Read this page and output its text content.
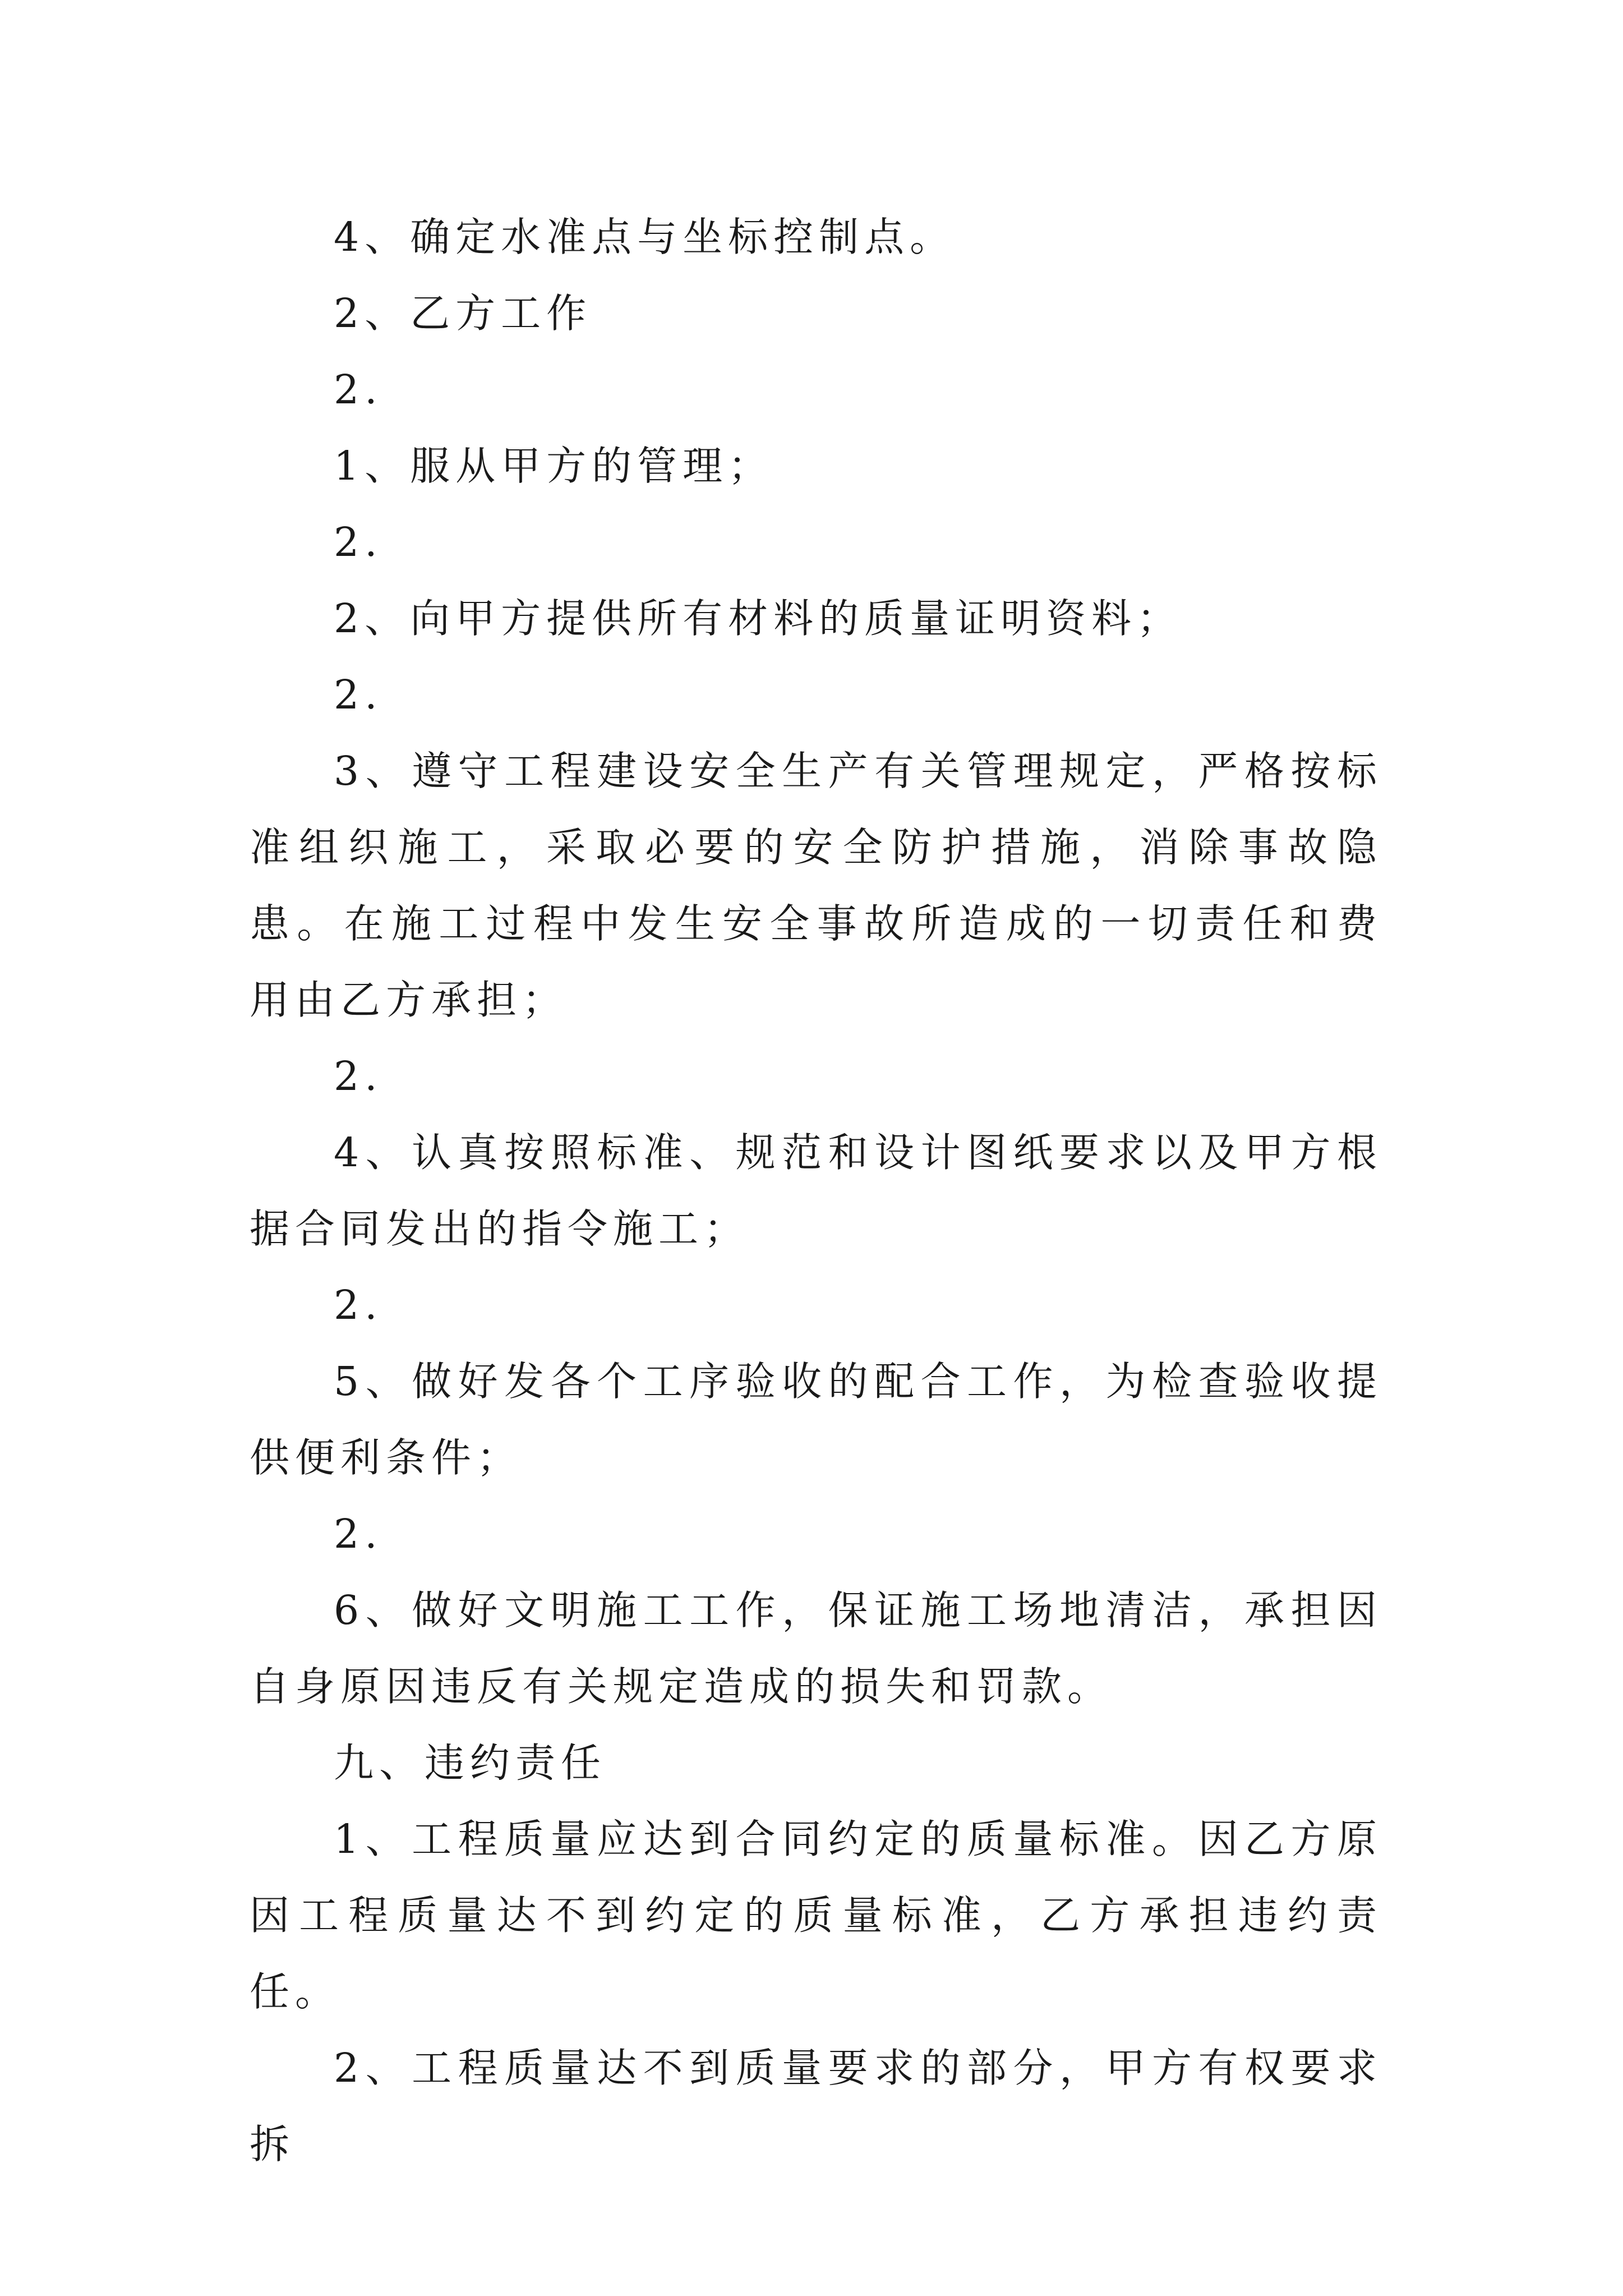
4、确定水准点与坐标控制点。

2、乙方工作

2.

1、服从甲方的管理；

2.

2、向甲方提供所有材料的质量证明资料；

2.

3、遵守工程建设安全生产有关管理规定，严格按标准组织施工，采取必要的安全防护措施，消除事故隐患。在施工过程中发生安全事故所造成的一切责任和费用由乙方承担；

2.

4、认真按照标准、规范和设计图纸要求以及甲方根据合同发出的指令施工；

2.

5、做好发各个工序验收的配合工作，为检查验收提供便利条件；

2.

6、做好文明施工工作，保证施工场地清洁，承担因自身原因违反有关规定造成的损失和罚款。

九、违约责任

1、工程质量应达到合同约定的质量标准。因乙方原因工程质量达不到约定的质量标准，乙方承担违约责任。

2、工程质量达不到质量要求的部分，甲方有权要求拆
